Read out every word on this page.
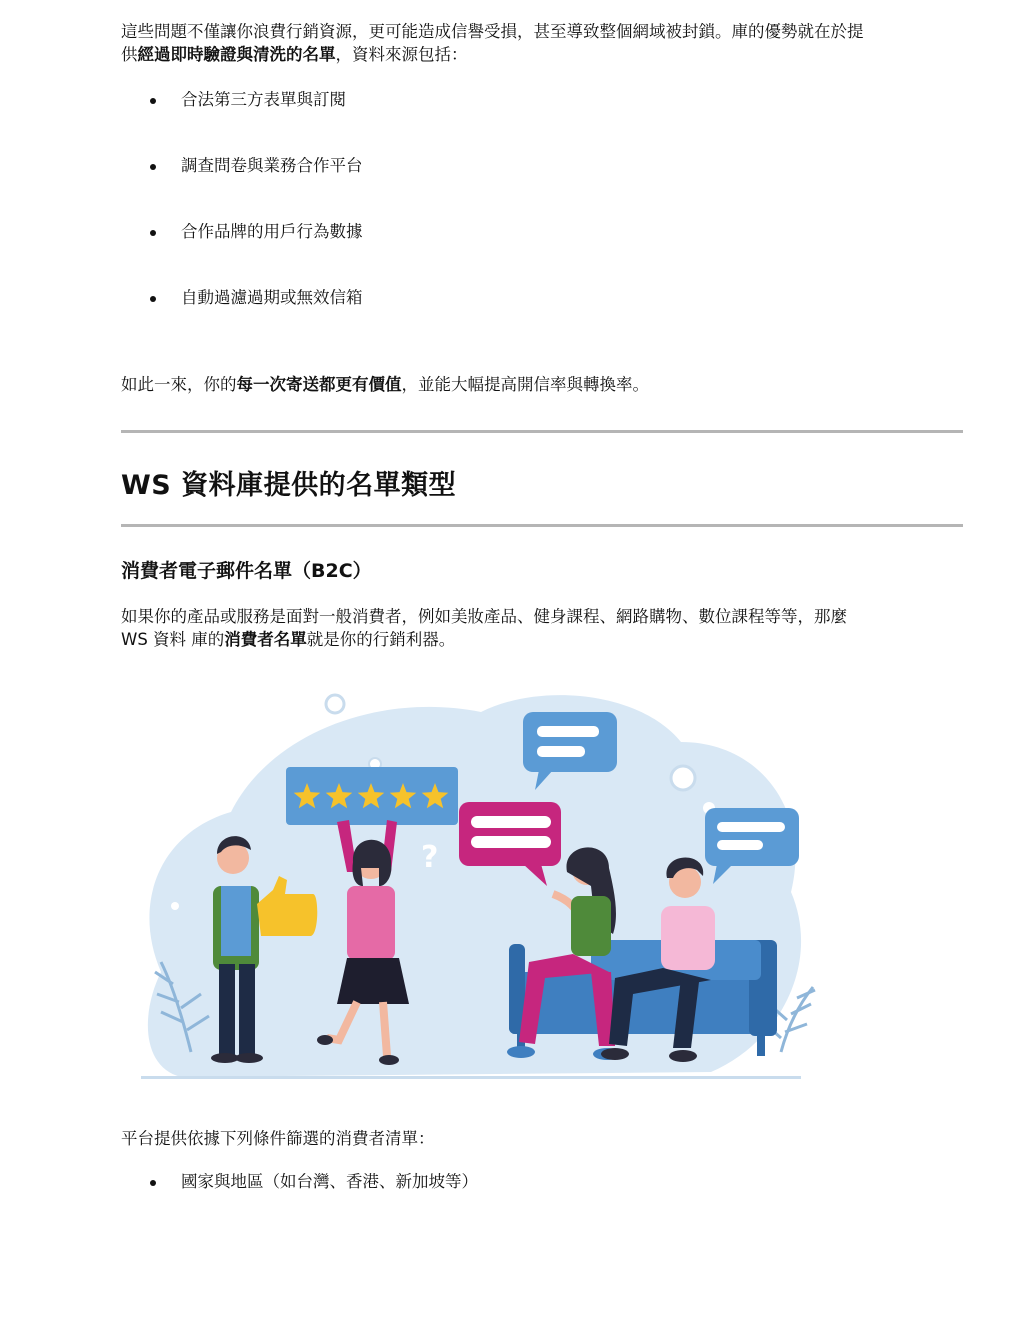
這些問題不僅讓你浪費行銷資源，更可能造成信譽受損，甚至導致整個網域被封鎖。庫的優勢就在於提
供經過即時驗證與清洗的名單，資料來源包括：

合法第三方表單與訂閱
調查問卷與業務合作平台
合作品牌的用戶行為數據
自動過濾過期或無效信箱

如此一來，你的每一次寄送都更有價值，並能大幅提高開信率與轉換率。

WS 資料庫提供的名單類型
消費者電子郵件名單（B2C）

如果你的產品或服務是面對一般消費者，例如美妝產品、健身課程、網路購物、數位課程等等，那麼
WS 資料 庫的消費者名單就是你的行銷利器。

?

平台提供依據下列條件篩選的消費者清單：

國家與地區（如台灣、香港、新加坡等）
